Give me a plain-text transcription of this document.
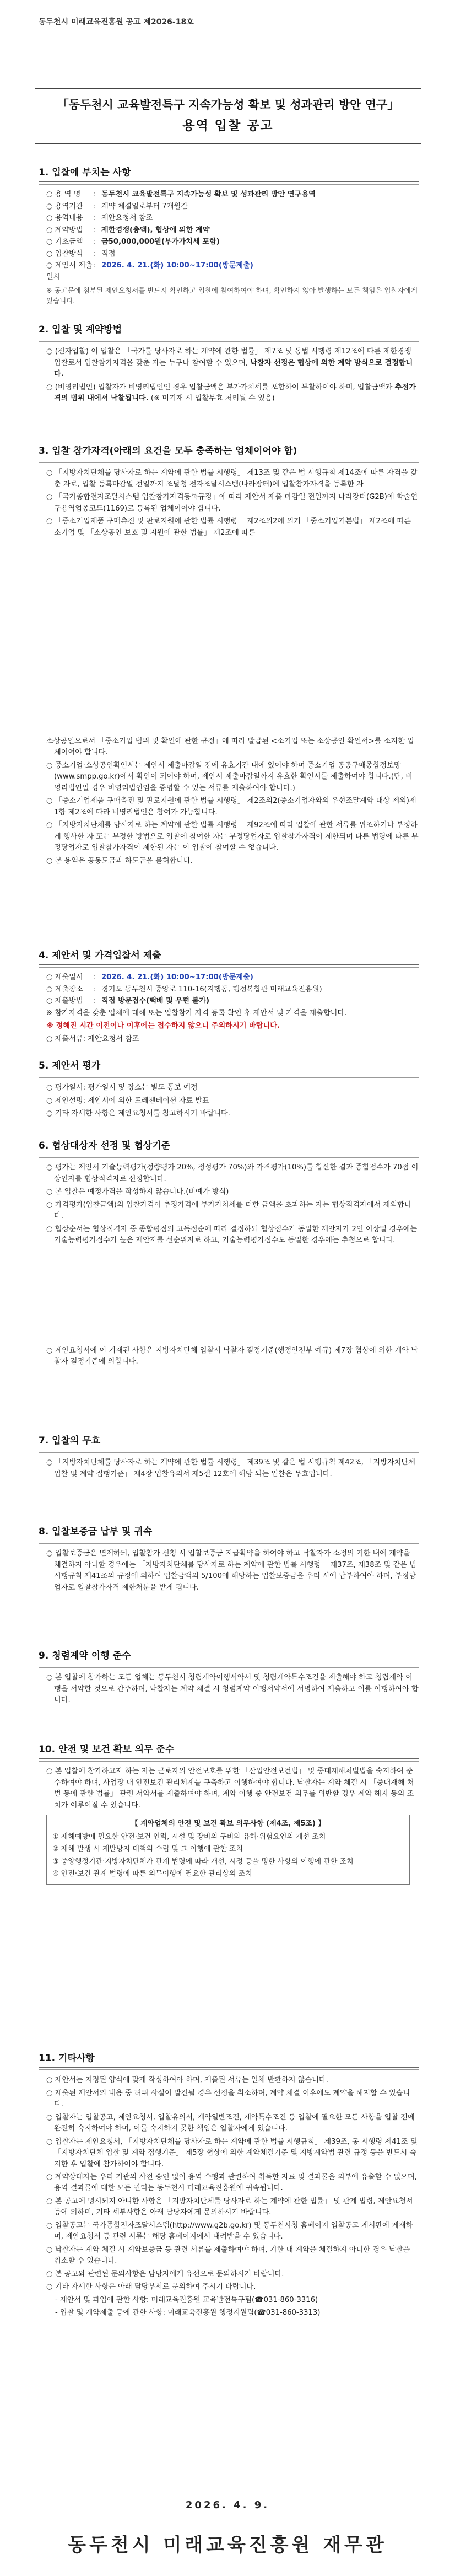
동두천시 미래교육진흥원 공고 제2026-18호
「동두천시 교육발전특구 지속가능성 확보 및 성과관리 방안 연구」
용역 입찰 공고
1. 입찰에 부치는 사항
○ 용 역 명	: 동두천시 교육발전특구 지속가능성 확보 및 성과관리 방안 연구용역
○ 용역기간	: 계약 체결일로부터 7개월간
○ 용역내용	: 제안요청서 참조
○ 계약방법	: 제한경쟁(총액), 협상에 의한 계약
○ 기초금액	: 금50,000,000원(부가가치세 포함)
○ 입찰방식	: 직접
○ 제안서 제출일시
: 2026. 4. 21.(화) 10:00~17:00(방문제출)
※ 공고문에 첨부된 제안요청서를 반드시 확인하고 입찰에 참여하여야 하며, 확인하지 않아 발생하는 모든 책임은 입찰자에게 있습니다.
2. 입찰 및 계약방법
○ (전자입찰) 이 입찰은 「국가를 당사자로 하는 계약에 관한 법률」 제7조 및 동법 시행령 제12조에 따른 제한경쟁 입찰로서 입찰참가자격을 갖춘 자는 누구나 참여할 수 있으며, 낙찰자 선정은 협상에 의한 계약 방식으로 결정합니다.
○ (비영리법인) 입찰자가 비영리법인인 경우 입찰금액은 부가가치세를 포함하여 투찰하여야 하며, 입찰금액과 추정가격의 범위 내에서 낙찰됩니다. (※ 미기재 시 입찰무효 처리될 수 있음)
3. 입찰 참가자격(아래의 요건을 모두 충족하는 업체이어야 함)
○ 「지방자치단체를 당사자로 하는 계약에 관한 법률 시행령」 제13조 및 같은 법 시행규칙 제14조에 따른 자격을 갖춘 자로, 입찰 등록마감일 전일까지 조달청 전자조달시스템(나라장터)에 입찰참가자격을 등록한 자
○ 「국가종합전자조달시스템 입찰참가자격등록규정」에 따라 제안서 제출 마감일 전일까지 나라장터(G2B)에 학술연구용역업종코드(1169)로 등록된 업체이어야 합니다.
○ 「중소기업제품 구매촉진 및 판로지원에 관한 법률 시행령」 제2조의2에 의거 「중소기업기본법」 제2조에 따른 소기업 및 「소상공인 보호 및 지원에 관한 법률」 제2조에 따른
소상공인으로서 「중소기업 범위 및 확인에 관한 규정」에 따라 발급된 <소기업 또는 소상공인 확인서>를 소지한 업체이어야 합니다.
○ 중소기업·소상공인확인서는 제안서 제출마감일 전에 유효기간 내에 있어야 하며 중소기업 공공구매종합정보망(www.smpp.go.kr)에서 확인이 되어야 하며, 제안서 제출마감일까지 유효한 확인서를 제출하여야 합니다.(단, 비영리법인일 경우 비영리법인임을 증명할 수 있는 서류를 제출하여야 합니다.)
○ 「중소기업제품 구매촉진 및 판로지원에 관한 법률 시행령」 제2조의2(중소기업자와의 우선조달계약 대상 제외)제1항 제2조에 따라 비영리법인은 참여가 가능합니다.
○ 「지방자치단체를 당사자로 하는 계약에 관한 법률 시행령」 제92조에 따라 입찰에 관한 서류를 위조하거나 부정하게 행사한 자 또는 부정한 방법으로 입찰에 참여한 자는 부정당업자로 입찰참가자격이 제한되며 다른 법령에 따른 부정당업자로 입찰참가자격이 제한된 자는 이 입찰에 참여할 수 없습니다.
○ 본 용역은 공동도급과 하도급을 불허합니다.
4. 제안서 및 가격입찰서 제출
○ 제출일시	: 2026. 4. 21.(화) 10:00~17:00(방문제출)
○ 제출장소	: 경기도 동두천시 중앙로 110-16(지행동, 행정복합관 미래교육진흥원)
○ 제출방법	: 직접 방문접수(택배 및 우편 불가)
※ 참가자격을 갖춘 업체에 대해 또는 입찰참가 자격 등록 확인 후 제안서 및 가격을 제출합니다.
※ 정해진 시간 이전이나 이후에는 접수하지 않으니 주의하시기 바랍니다.
○ 제출서류: 제안요청서 참조
5. 제안서 평가
○ 평가일시: 평가일시 및 장소는 별도 통보 예정
○ 제안설명: 제안서에 의한 프레젠테이션 자료 발표
○ 기타 자세한 사항은 제안요청서를 참고하시기 바랍니다.
6. 협상대상자 선정 및 협상기준
○ 평가는 제안서 기술능력평가(정량평가 20%, 정성평가 70%)와 가격평가(10%)를 합산한 결과 종합점수가 70점 이상인자를 협상적격자로 선정합니다.
○ 본 입찰은 예정가격을 작성하지 않습니다.(비예가 방식)
○ 가격평가(입찰금액)의 입찰가격이 추정가격에 부가가치세를 더한 금액을 초과하는 자는 협상적격자에서 제외합니다.
○ 협상순서는 협상적격자 중 종합평점의 고득점순에 따라 결정하되 협상점수가 동일한 제안자가 2인 이상일 경우에는 기술능력평가점수가 높은 제안자를 선순위자로 하고, 기술능력평가점수도 동일한 경우에는 추첨으로 합니다.
○ 제안요청서에 이 기재된 사항은 지방자치단체 입찰시 낙찰자 결정기준(행정안전부 예규) 제7장 협상에 의한 계약 낙찰자 결정기준에 의합니다.
7. 입찰의 무효
○ 「지방자치단체를 당사자로 하는 계약에 관한 법률 시행령」 제39조 및 같은 법 시행규칙 제42조, 「지방자치단체 입찰 및 계약 집행기준」 제4장 입찰유의서 제5절 12호에 해당 되는 입찰은 무효입니다.
8. 입찰보증금 납부 및 귀속
○ 입찰보증금은 면제하되, 입찰참가 신청 시 입찰보증금 지급확약을 하여야 하고 낙찰자가 소정의 기한 내에 계약을 체결하지 아니할 경우에는 「지방자치단체를 당사자로 하는 계약에 관한 법률 시행령」 제37조, 제38조 및 같은 법 시행규칙 제41조의 규정에 의하여 입찰금액의 5/100에 해당하는 입찰보증금을 우리 시에 납부하여야 하며, 부정당업자로 입찰참가자격 제한처분을 받게 됩니다.
9. 청렴계약 이행 준수
○ 본 입찰에 참가하는 모든 업체는 동두천시 청렴계약이행서약서 및 청렴계약특수조건을 제출해야 하고 청렴계약 이행을 서약한 것으로 간주하며, 낙찰자는 계약 체결 시 청렴계약 이행서약서에 서명하여 제출하고 이를 이행하여야 합니다.
10. 안전 및 보건 확보 의무 준수
○ 본 입찰에 참가하고자 하는 자는 근로자의 안전보호를 위한 「산업안전보건법」 및 중대재해처벌법을 숙지하여 준수하여야 하며, 사업장 내 안전보건 관리체계를 구축하고 이행하여야 합니다. 낙찰자는 계약 체결 시 「중대재해 처벌 등에 관한 법률」 관련 서약서를 제출하여야 하며, 계약 이행 중 안전보건 의무를 위반할 경우 계약 해지 등의 조치가 이루어질 수 있습니다.
【 계약업체의 안전 및 보건 확보 의무사항 (제4조, 제5조) 】
① 재해예방에 필요한 안전·보건 인력, 시설 및 장비의 구비와 유해·위험요인의 개선 조치
② 재해 발생 시 재발방지 대책의 수립 및 그 이행에 관한 조치
③ 중앙행정기관·지방자치단체가 관계 법령에 따라 개선, 시정 등을 명한 사항의 이행에 관한 조치
④ 안전·보건 관계 법령에 따른 의무이행에 필요한 관리상의 조치
11. 기타사항
○ 제안서는 지정된 양식에 맞게 작성하여야 하며, 제출된 서류는 일체 반환하지 않습니다.
○ 제출된 제안서의 내용 중 허위 사실이 발견될 경우 선정을 취소하며, 계약 체결 이후에도 계약을 해지할 수 있습니다.
○ 입찰자는 입찰공고, 제안요청서, 입찰유의서, 계약일반조건, 계약특수조건 등 입찰에 필요한 모든 사항을 입찰 전에 완전히 숙지하여야 하며, 이를 숙지하지 못한 책임은 입찰자에게 있습니다.
○ 입찰자는 제안요청서, 「지방자치단체를 당사자로 하는 계약에 관한 법률 시행규칙」 제39조, 동 시행령 제41조 및 「지방자치단체 입찰 및 계약 집행기준」 제5장 협상에 의한 계약체결기준 및 지방계약법 관련 규정 등을 반드시 숙지한 후 입찰에 참가하여야 합니다.
○ 계약상대자는 우리 기관의 사전 승인 없이 용역 수행과 관련하여 취득한 자료 및 결과물을 외부에 유출할 수 없으며, 용역 결과물에 대한 모든 권리는 동두천시 미래교육진흥원에 귀속됩니다.
○ 본 공고에 명시되지 아니한 사항은 「지방자치단체를 당사자로 하는 계약에 관한 법률」 및 관계 법령, 제안요청서 등에 의하며, 기타 세부사항은 아래 담당자에게 문의하시기 바랍니다.
○ 입찰공고는 국가종합전자조달시스템(http://www.g2b.go.kr) 및 동두천시청 홈페이지 입찰공고 게시판에 게재하며, 제안요청서 등 관련 서류는 해당 홈페이지에서 내려받을 수 있습니다.
○ 낙찰자는 계약 체결 시 계약보증금 등 관련 서류를 제출하여야 하며, 기한 내 계약을 체결하지 아니한 경우 낙찰을 취소할 수 있습니다.
○ 본 공고와 관련된 문의사항은 담당자에게 유선으로 문의하시기 바랍니다.
○ 기타 자세한 사항은 아래 담당부서로 문의하여 주시기 바랍니다.
- 제안서 및 과업에 관한 사항: 미래교육진흥원 교육발전특구팀(☎031-860-3316)
- 입찰 및 계약제출 등에 관한 사항: 미래교육진흥원 행정지원팀(☎031-860-3313)
2026. 4. 9.
동두천시 미래교육진흥원 재무관
